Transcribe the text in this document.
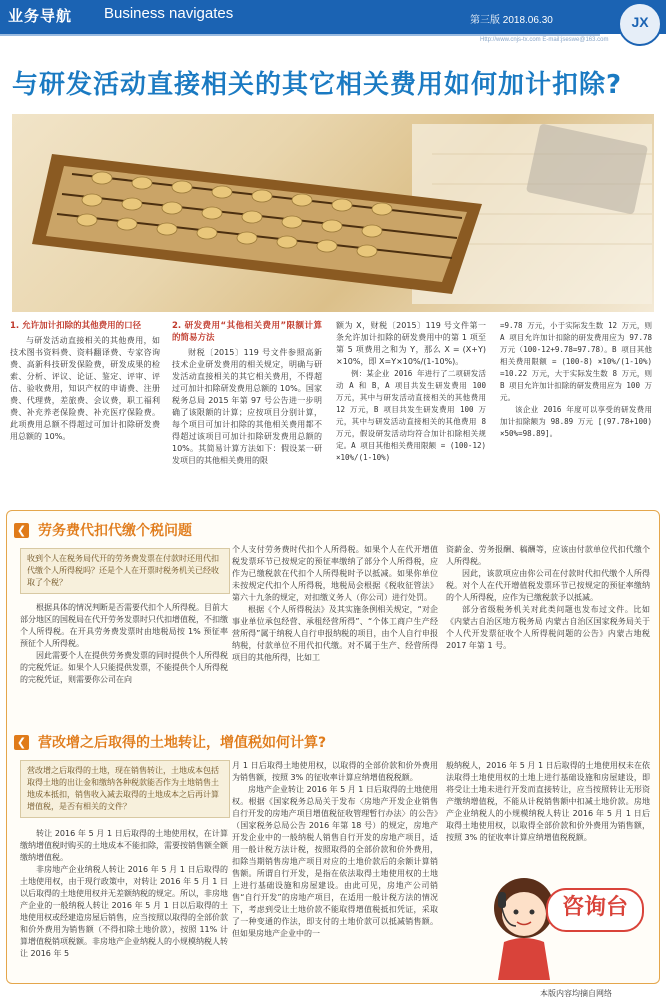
业务导航 Business navigates	第三版 2018.06.30
Http://www.cnjs-tx.com E-mail:jseswe@163.com
JX
与研发活动直接相关的其它相关费用如何加计扣除?
1. 允许加计扣除的其他费用的口径
与研发活动直接相关的其他费用，如技术图书资料费、资料翻译费、专家咨询费、高新科技研发保险费，研发成果的检索、分析、评议、论证、鉴定、评审、评估、验收费用，知识产权的申请费、注册费、代理费，差旅费、会议费，职工福利费、补充养老保险费、补充医疗保险费。此项费用总额不得超过可加计扣除研发费用总额的 10%。
2. 研发费用“其他相关费用”限额计算的简易方法
财税〔2015〕119 号文件参照高新技术企业研发费用的相关规定，明确与研发活动直接相关的其它相关费用，不得超过可加计扣除研发费用总额的 10%。国家税务总局 2015 年第 97 号公告进一步明确了该限额的计算；应按项目分别计算，每个项目可加计扣除的其他相关费用都不得超过该项目可加计扣除研发费用总额的 10%。其简易计算方法如下：假设某一研发项目的其他相关费用的限
额为 X，财税〔2015〕119 号文件第一条允许加计扣除的研发费用中的第 1 项至第 5 项费用之和为 Y，那么 X = (X+Y) ×10%，即 X=Y×10%/(1-10%)。
例：某企业 2016 年进行了二项研发活动 A 和 B，A 项目共发生研发费用 100 万元，其中与研发活动直接相关的其他费用 12 万元，B 项目共发生研发费用 100 万元，其中与研发活动直接相关的其他费用 8 万元，假设研发活动均符合加计扣除相关规定。A 项目其他相关费用限额 = (100-12) ×10%/(1-10%)
=9.78 万元，小于实际发生数 12 万元，则 A 项目允许加计扣除的研发费用应为 97.78 万元（100-12+9.78=97.78）。B 项目其他相关费用限额 = (100-8) ×10%/(1-10%) =10.22 万元，大于实际发生数 8 万元，则 B 项目允许加计扣除的研发费用应为 100 万元。
该企业 2016 年度可以享受的研发费用加计扣除额为 98.89 万元 [(97.78+100) ×50%=98.89]。
❮ 劳务费代扣代缴个税问题
收到个人在税务局代开的劳务费发票在付款时还用代扣代缴个人所得税吗？还是个人在开票时税务机关已经收取了个税？
根据具体的情况判断是否需要代扣个人所得税。目前大部分地区的国税局在代开劳务发票时只代扣增值税，不扣缴个人所得税。在开具劳务费发票时由地税局按 1% 预征率预征个人所得税。
因此需要个人在提供劳务费发票的同时提供个人所得税的完税凭证。如果个人只能提供发票，不能提供个人所得税的完税凭证，则需要你公司在向
个人支付劳务费时代扣个人所得税。如果个人在代开增值税发票环节已按规定的预征率缴纳了部分个人所得税，应作为已缴税款在代扣个人所得税时予以抵减。如果你单位未按规定代扣个人所得税，地税局会根据《税收征管法》第六十九条的规定，对扣缴义务人（你公司）进行处罚。
根据《个人所得税法》及其实施条例相关规定，“对企事业单位承包经营、承租经营所得”、“个体工商户生产经营所得”属于纳税人自行申报纳税的项目，由个人自行申报纳税，付款单位不用代扣代缴。对不属于生产、经营所得项目的其他所得，比如工
资薪金、劳务报酬、稿酬等，应该由付款单位代扣代缴个人所得税。
因此，该款项应由你公司在付款时代扣代缴个人所得税。对个人在代开增值税发票环节已按规定的预征率缴纳的个人所得税，应作为已缴税款予以抵减。
部分省级税务机关对此类问题也发布过文件。比如《内蒙古自治区地方税务局 内蒙古自治区国家税务局关于个人代开发票征收个人所得税问题的公告》内蒙古地税 2017 年第 1 号。
❮ 营改增之后取得的土地转让，增值税如何计算?
营改增之后取得的土地，现在销售转让，土地成本包括取得土地的出让金和缴纳各种税款能否作为土地销售土地成本抵扣，销售收入减去取得的土地成本之后再计算增值税，是否有相关的文件？
转让 2016 年 5 月 1 日后取得的土地使用权，在计算缴纳增值税时购买的土地成本不能扣除，需要按销售额全额缴纳增值税。
非房地产企业纳税人转让 2016 年 5 月 1 日后取得的土地使用权，由于现行政策中，对转让 2016 年 5 月 1 日以后取得的土地使用权并无差额纳税的规定。所以，非房地产企业的一般纳税人转让 2016 年 5 月 1 日以后取得的土地使用权或经建造房屋后销售，应当按照以取得的全部价款和价外费用为销售额（不得扣除土地价款），按照 11% 计算增值税销项税额。非房地产企业纳税人的小规模纳税人转让 2016 年 5
月 1 日后取得土地使用权，以取得的全部价款和价外费用为销售额，按照 3% 的征收率计算应纳增值税税额。
房地产企业转让 2016 年 5 月 1 日后取得的土地使用权。根据《国家税务总局关于发布〈房地产开发企业销售自行开发的房地产项目增值税征收管理暂行办法〉的公告》（国家税务总局公告 2016 年第 18 号）的规定，房地产开发企业中的一般纳税人销售自行开发的房地产项目，适用一般计税方法计税，按照取得的全部价款和价外费用，扣除当期销售房地产项目对应的土地价款后的余额计算销售额。所谓自行开发，是指在依法取得土地使用权的土地上进行基础设施和房屋建设。由此可见，房地产公司销售“自行开发”的房地产项目，在适用一般计税方法的情况下，考虑到受让土地价款不能取得增值税抵扣凭证，采取了一种变通的作法，即支付的土地价款可以抵减销售额。但如果房地产企业中的一
般纳税人，2016 年 5 月 1 日后取得的土地使用权未在依法取得土地使用权的土地上进行基础设施和房屋建设，即将受让土地未进行开发而直接转让，应当按照转让无形资产缴纳增值税，不能从计税销售额中扣减土地价款。房地产企业纳税人的小规模纳税人转让 2016 年 5 月 1 日后取得土地使用权，以取得全部价款和价外费用为销售额，按照 3% 的征收率计算应纳增值税税额。
咨询台
本版内容均摘自网络
